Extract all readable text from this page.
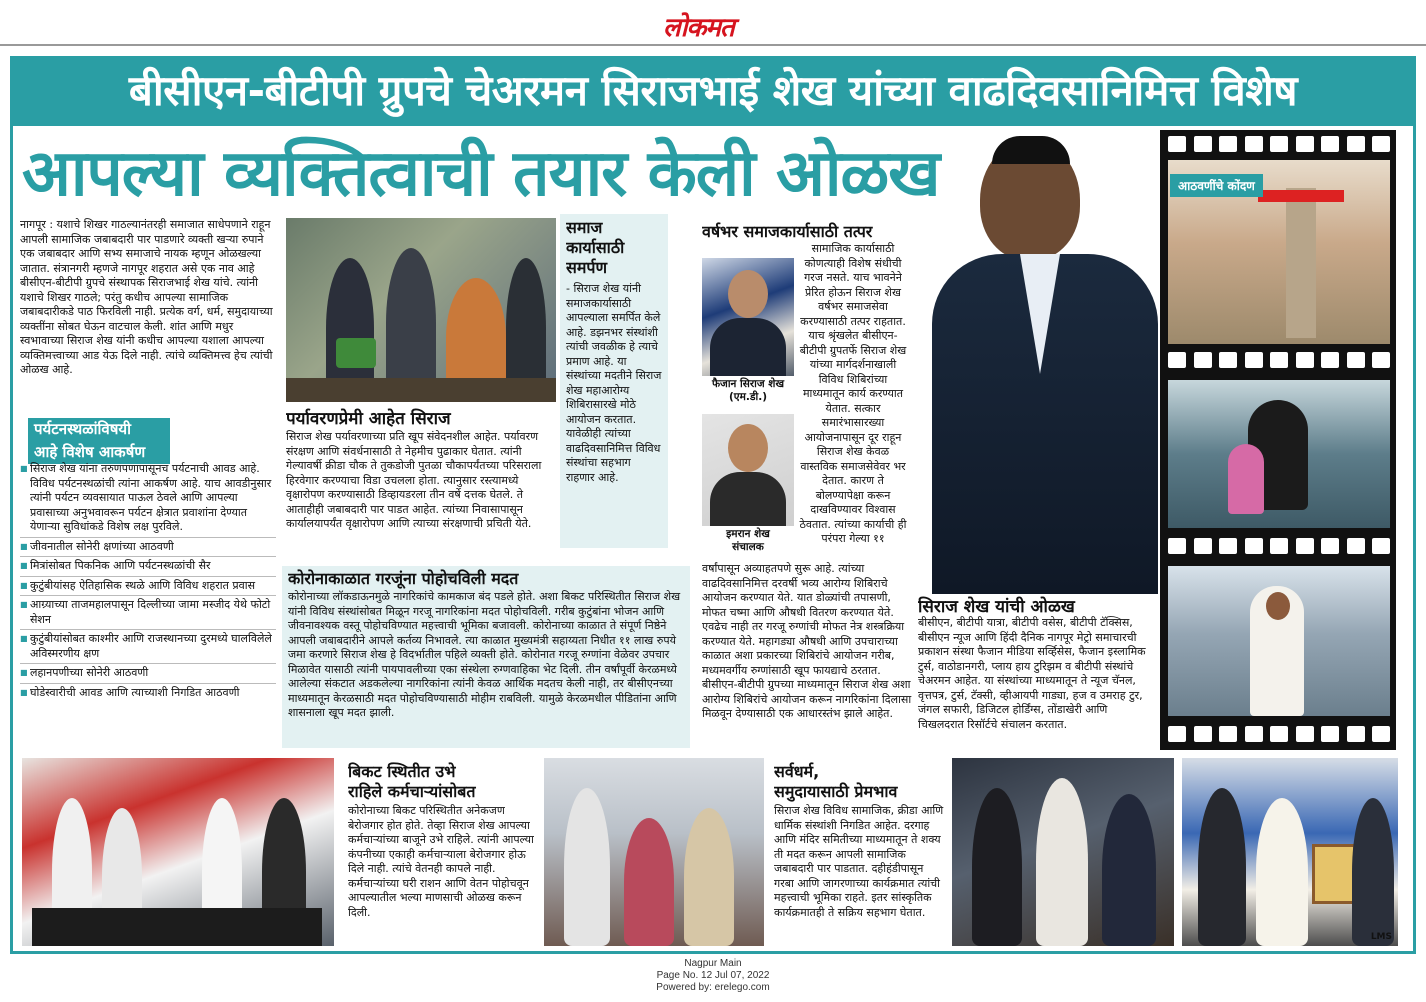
लोकमत
बीसीएन-बीटीपी ग्रुपचे चेअरमन सिराजभाई शेख यांच्या वाढदिवसानिमित्त विशेष
आपल्या व्यक्तित्वाची तयार केली ओळख
नागपूर : यशाचे शिखर गाठल्यानंतरही समाजात साधेपणाने राहून आपली सामाजिक जबाबदारी पार पाडणारे व्यक्ती खऱ्या रुपाने एक जबाबदार आणि सभ्य समाजाचे नायक म्हणून ओळखल्या जातात. संत्रानगरी म्हणजे नागपूर शहरात असे एक नाव आहे बीसीएन-बीटीपी ग्रुपचे संस्थापक सिराजभाई शेख यांचे. त्यांनी यशाचे शिखर गाठले; परंतु कधीच आपल्या सामाजिक जबाबदारीकडे पाठ फिरविली नाही. प्रत्येक वर्ग, धर्म, समुदायाच्या व्यक्तींना सोबत घेऊन वाटचाल केली. शांत आणि मधुर स्वभावाच्या सिराज शेख यांनी कधीच आपल्या यशाला आपल्या व्यक्तिमत्त्वाच्या आड येऊ दिले नाही. त्यांचे व्यक्तिमत्त्व हेच त्यांची ओळख आहे.
पर्यटनस्थळांविषयी
आहे विशेष आकर्षण
■ सिराज शेख यांना तरुणपणापासूनच पर्यटनाची आवड आहे. विविध पर्यटनस्थळांची त्यांना आकर्षण आहे. याच आवडीनुसार त्यांनी पर्यटन व्यवसायात पाऊल ठेवले आणि आपल्या प्रवासाच्या अनुभवावरून पर्यटन क्षेत्रात प्रवाशांना देण्यात येणाऱ्या सुविधांकडे विशेष लक्ष पुरविले.
■ जीवनातील सोनेरी क्षणांच्या आठवणी
■ मित्रांसोबत पिकनिक आणि पर्यटनस्थळांची सैर
■ कुटुंबीयांसह ऐतिहासिक स्थळे आणि विविध शहरात प्रवास
■ आग्र्याच्या ताजमहालपासून दिल्लीच्या जामा मस्जीद येथे फोटो सेशन
■ कुटुंबीयांसोबत काश्मीर आणि राजस्थानच्या दुरमध्ये घालविलेले अविस्मरणीय क्षण
■ लहानपणीच्या सोनेरी आठवणी
■ घोडेस्वारीची आवड आणि त्याच्याशी निगडित आठवणी
पर्यावरणप्रेमी आहेत सिराज
सिराज शेख पर्यावरणाच्या प्रति खूप संवेदनशील आहेत. पर्यावरण संरक्षण आणि संवर्धनासाठी ते नेहमीच पुढाकार घेतात. त्यांनी गेल्यावर्षी क्रीडा चौक ते तुकडोजी पुतळा चौकापर्यंतच्या परिसराला हिरवेगार करण्याचा विडा उचलला होता. त्यानुसार रस्त्यामध्ये वृक्षारोपण करण्यासाठी डिव्हायडरला तीन वर्षे दत्तक घेतले. ते आताहीही जबाबदारी पार पाडत आहेत. त्यांच्या निवासापासून कार्यालयापर्यंत वृक्षारोपण आणि त्याच्या संरक्षणाची प्रचिती येते.
समाज
कार्यासाठी
समर्पण
- सिराज शेख यांनी समाजकार्यासाठी आपल्याला समर्पित केले आहे. डझनभर संस्थांशी त्यांची जवळीक हे त्याचे प्रमाण आहे. या संस्थांच्या मदतीने सिराज शेख महाआरोग्य शिबिरासारखे मोठे आयोजन करतात. यावेळीही त्यांच्या वाढदिवसानिमित्त विविध संस्थांचा सहभाग राहणार आहे.
कोरोनाकाळात गरजूंना पोहोचविली मदत
कोरोनाच्या लॉकडाऊनमुळे नागरिकांचे कामकाज बंद पडले होते. अशा बिकट परिस्थितीत सिराज शेख यांनी विविध संस्थांसोबत मिळून गरजू नागरिकांना मदत पोहोचविली. गरीब कुटुंबांना भोजन आणि जीवनावश्यक वस्तू पोहोचविण्यात महत्त्वाची भूमिका बजावली. कोरोनाच्या काळात ते संपूर्ण निष्ठेने आपली जबाबदारीने आपले कर्तव्य निभावले. त्या काळात मुख्यमंत्री सहाय्यता निधीत ११ लाख रुपये जमा करणारे सिराज शेख हे विदर्भातील पहिले व्यक्ती होते. कोरोनात गरजू रुग्णांना वेळेवर उपचार मिळावेत यासाठी त्यांनी पायपावलीच्या एका संस्थेला रुग्णवाहिका भेट दिली. तीन वर्षांपूर्वी केरळमध्ये आलेल्या संकटात अडकलेल्या नागरिकांना त्यांनी केवळ आर्थिक मदतच केली नाही, तर बीसीएनच्या माध्यमातून केरळसाठी मदत पोहोचविण्यासाठी मोहीम राबविली. यामुळे केरळमधील पीडितांना आणि शासनाला खूप मदत झाली.
वर्षभर समाजकार्यासाठी तत्पर
फैजान सिराज शेख
(एम.डी.)
इमरान शेख
संचालक
सामाजिक कार्यासाठी कोणत्याही विशेष संधीची गरज नसते. याच भावनेने प्रेरित होऊन सिराज शेख वर्षभर समाजसेवा करण्यासाठी तत्पर राहतात. याच श्रृंखलेत बीसीएन-बीटीपी ग्रुपतर्फे सिराज शेख यांच्या मार्गदर्शनाखाली विविध शिबिरांच्या माध्यमातून कार्य करण्यात येतात. सत्कार समारंभासारख्या आयोजनापासून दूर राहून सिराज शेख केवळ वास्तविक समाजसेवेवर भर देतात. कारण ते बोलण्यापेक्षा करून दाखविण्यावर विश्वास ठेवतात. त्यांच्या कार्याची ही परंपरा गेल्या ११
वर्षांपासून अव्याहतपणे सुरू आहे. त्यांच्या वाढदिवसानिमित्त दरवर्षी भव्य आरोग्य शिबिराचे आयोजन करण्यात येते. यात डोळ्यांची तपासणी, मोफत चष्मा आणि औषधी वितरण करण्यात येते. एवढेच नाही तर गरजू रुग्णांची मोफत नेत्र शस्त्रक्रिया करण्यात येते. महागड्या औषधी आणि उपचाराच्या काळात अशा प्रकारच्या शिबिरांचे आयोजन गरीब, मध्यमवर्गीय रुग्णांसाठी खूप फायद्याचे ठरतात. बीसीएन-बीटीपी ग्रुपच्या माध्यमातून सिराज शेख अशा आरोग्य शिबिरांचे आयोजन करून नागरिकांना दिलासा मिळवून देण्यासाठी एक आधारस्तंभ झाले आहेत.
सिराज शेख यांची ओळख
बीसीएन, बीटीपी यात्रा, बीटीपी वसेस, बीटीपी टॅक्सिस, बीसीएन न्यूज आणि हिंदी दैनिक नागपूर मेट्रो समाचारची प्रकाशन संस्था फैजान मीडिया सर्व्हिसेस, फैजान इस्लामिक टुर्स, वाठोडानगरी, प्लाय हाय टुरिझम व बीटीपी संस्थांचे चेअरमन आहेत. या संस्थांच्या माध्यमातून ते न्यूज चॅनल, वृत्तपत्र, टुर्स, टॅक्सी, व्हीआयपी गाड्या, हज व उमराह टुर, जंगल सफारी, डिजिटल होर्डिंग्स, तोंडाखेरी आणि चिखलदरात रिसॉर्टचे संचालन करतात.
आठवणींचे कोंदण
बिकट स्थितीत उभे
राहिले कर्मचाऱ्यांसोबत
कोरोनाच्या बिकट परिस्थितीत अनेकजण बेरोजगार होत होते. तेव्हा सिराज शेख आपल्या कर्मचाऱ्यांच्या बाजूने उभे राहिले. त्यांनी आपल्या कंपनीच्या एकाही कर्मचाऱ्याला बेरोजगार होऊ दिले नाही. त्यांचे वेतनही कापले नाही. कर्मचाऱ्यांच्या घरी राशन आणि वेतन पोहोचवून आपल्यातील भल्या माणसाची ओळख करून दिली.
सर्वधर्म,
समुदायासाठी प्रेमभाव
सिराज शेख विविध सामाजिक, क्रीडा आणि धार्मिक संस्थांशी निगडित आहेत. दरगाह आणि मंदिर समितीच्या माध्यमातून ते शक्य ती मदत करून आपली सामाजिक जबाबदारी पार पाडतात. दहीहंडीपासून गरबा आणि जागरणाच्या कार्यक्रमात त्यांची महत्त्वाची भूमिका राहते. इतर सांस्कृतिक कार्यक्रमातही ते सक्रिय सहभाग घेतात.
LMS
Nagpur Main
Page No. 12 Jul 07, 2022
Powered by: erelego.com
